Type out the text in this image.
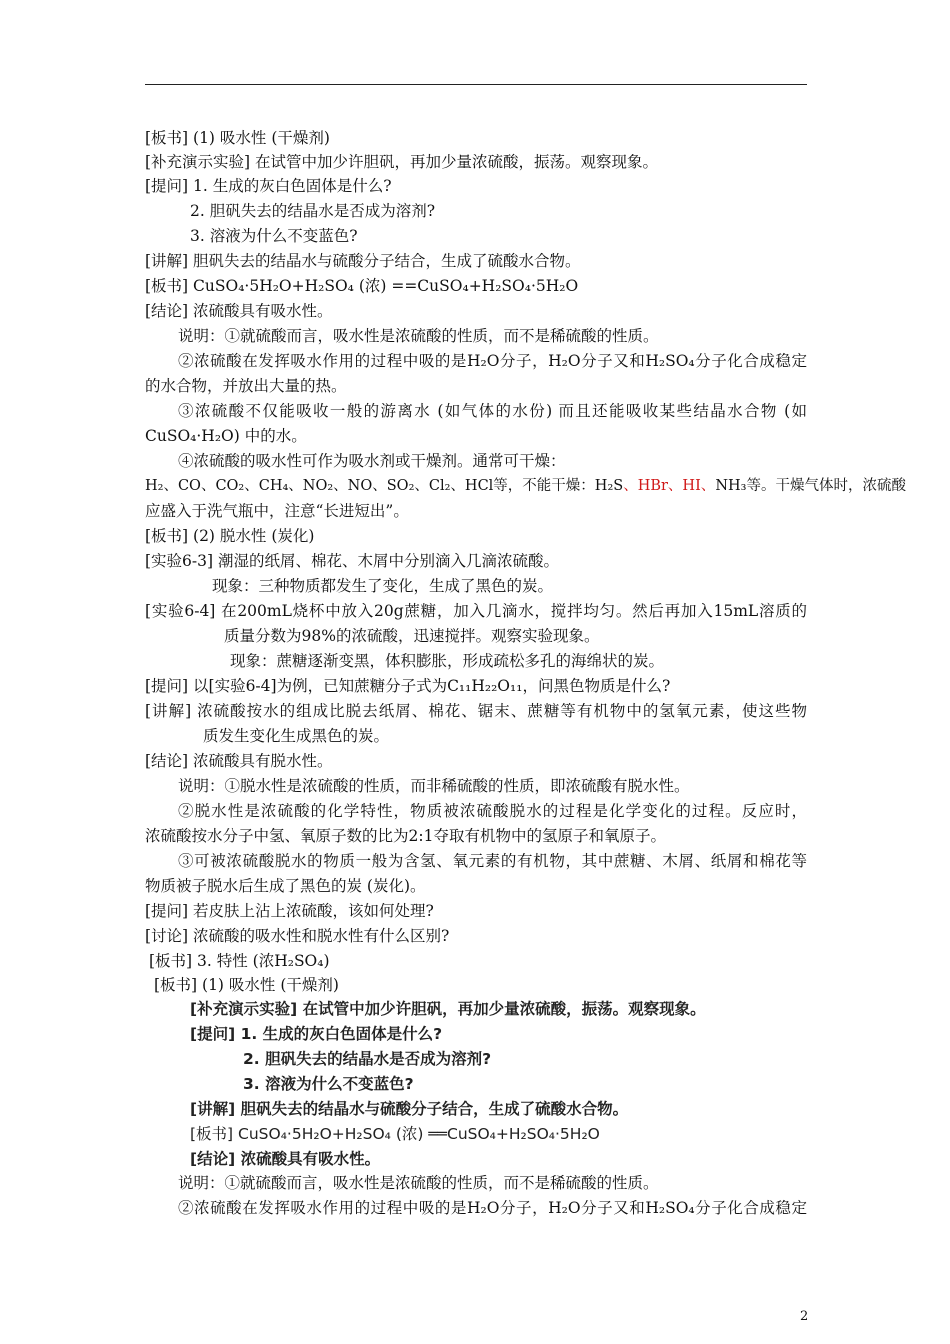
[板书] (1) 吸水性 (干燥剂)
[补充演示实验] 在试管中加少许胆矾，再加少量浓硫酸，振荡。观察现象。
[提问] 1. 生成的灰白色固体是什么?
2. 胆矾失去的结晶水是否成为溶剂?
3. 溶液为什么不变蓝色?
[讲解] 胆矾失去的结晶水与硫酸分子结合，生成了硫酸水合物。
[板书] CuSO₄·5H₂O+H₂SO₄ (浓) ==CuSO₄+H₂SO₄·5H₂O
[结论] 浓硫酸具有吸水性。
说明：①就硫酸而言，吸水性是浓硫酸的性质，而不是稀硫酸的性质。
②浓硫酸在发挥吸水作用的过程中吸的是H₂O分子，H₂O分子又和H₂SO₄分子化合成稳定
的水合物，并放出大量的热。
③浓硫酸不仅能吸收一般的游离水 (如气体的水份) 而且还能吸收某些结晶水合物 (如
CuSO₄·H₂O) 中的水。
④浓硫酸的吸水性可作为吸水剂或干燥剂。通常可干燥：
H₂、CO、CO₂、CH₄、NO₂、NO、SO₂、Cl₂、HCl等，不能干燥：H₂S、HBr、HI、NH₃等。干燥气体时，浓硫酸
应盛入于洗气瓶中，注意“长进短出”。
[板书] (2) 脱水性 (炭化)
[实验6-3] 潮湿的纸屑、棉花、木屑中分别滴入几滴浓硫酸。
现象：三种物质都发生了变化，生成了黑色的炭。
[实验6-4] 在200mL烧杯中放入20g蔗糖，加入几滴水，搅拌均匀。然后再加入15mL溶质的
质量分数为98%的浓硫酸，迅速搅拌。观察实验现象。
现象：蔗糖逐渐变黑，体积膨胀，形成疏松多孔的海绵状的炭。
[提问] 以[实验6-4]为例，已知蔗糖分子式为C₁₁H₂₂O₁₁，问黑色物质是什么?
[讲解] 浓硫酸按水的组成比脱去纸屑、棉花、锯末、蔗糖等有机物中的氢氧元素，使这些物
质发生变化生成黑色的炭。
[结论] 浓硫酸具有脱水性。
说明：①脱水性是浓硫酸的性质，而非稀硫酸的性质，即浓硫酸有脱水性。
②脱水性是浓硫酸的化学特性，物质被浓硫酸脱水的过程是化学变化的过程。反应时，
浓硫酸按水分子中氢、氧原子数的比为2:1夺取有机物中的氢原子和氧原子。
③可被浓硫酸脱水的物质一般为含氢、氧元素的有机物，其中蔗糖、木屑、纸屑和棉花等
物质被子脱水后生成了黑色的炭 (炭化)。
[提问] 若皮肤上沾上浓硫酸，该如何处理?
[讨论] 浓硫酸的吸水性和脱水性有什么区别?
[板书] 3. 特性 (浓H₂SO₄)
[板书] (1) 吸水性 (干燥剂)
[补充演示实验] 在试管中加少许胆矾，再加少量浓硫酸，振荡。观察现象。
[提问] 1. 生成的灰白色固体是什么?
2. 胆矾失去的结晶水是否成为溶剂?
3. 溶液为什么不变蓝色?
[讲解] 胆矾失去的结晶水与硫酸分子结合，生成了硫酸水合物。
[板书] CuSO₄·5H₂O+H₂SO₄ (浓) ══CuSO₄+H₂SO₄·5H₂O
[结论] 浓硫酸具有吸水性。
说明：①就硫酸而言，吸水性是浓硫酸的性质，而不是稀硫酸的性质。
②浓硫酸在发挥吸水作用的过程中吸的是H₂O分子，H₂O分子又和H₂SO₄分子化合成稳定
2
